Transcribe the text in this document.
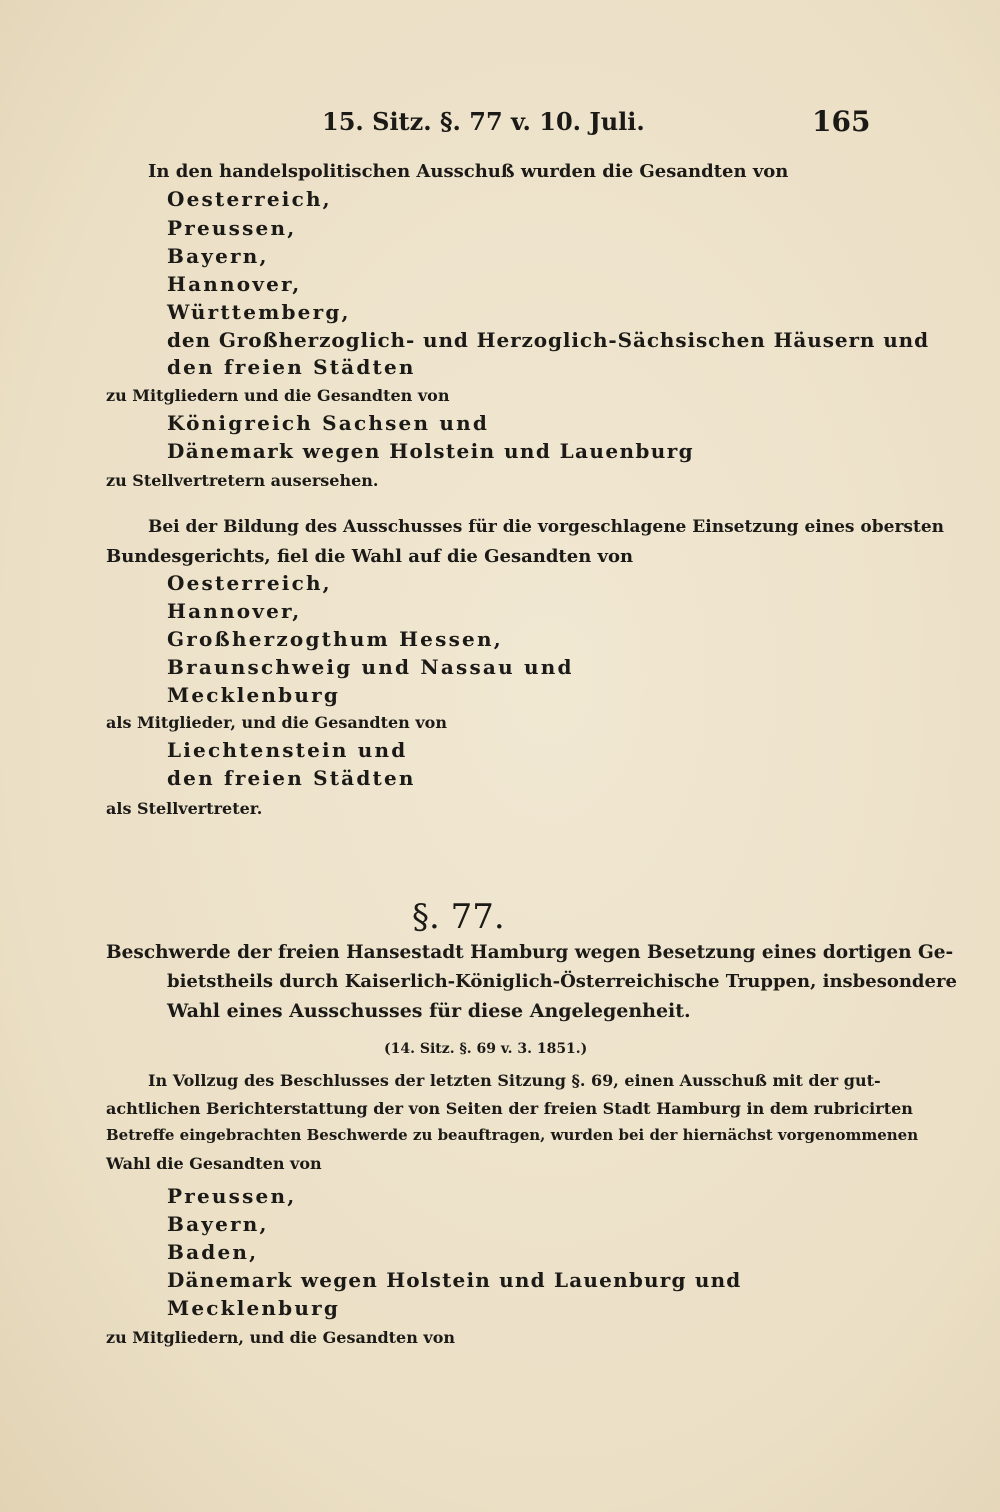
15. Sitz. §. 77 v. 10. Juli.	165
In den handelspolitischen Ausschuß wurden die Gesandten von
Oesterreich,
Preussen,
Bayern,
Hannover,
Württemberg,
den Großherzoglich- und Herzoglich-Sächsischen Häusern und
den freien Städten
zu Mitgliedern und die Gesandten von
Königreich Sachsen und
Dänemark wegen Holstein und Lauenburg
zu Stellvertretern ausersehen.
Bei der Bildung des Ausschusses für die vorgeschlagene Einsetzung eines obersten
Bundesgerichts, fiel die Wahl auf die Gesandten von
Oesterreich,
Hannover,
Großherzogthum Hessen,
Braunschweig und Nassau und
Mecklenburg
als Mitglieder, und die Gesandten von
Liechtenstein und
den freien Städten
als Stellvertreter.
§. 77.
Beschwerde der freien Hansestadt Hamburg wegen Besetzung eines dortigen Ge-
bietstheils durch Kaiserlich-Königlich-Österreichische Truppen, insbesondere
Wahl eines Ausschusses für diese Angelegenheit.
(14. Sitz. §. 69 v. 3. 1851.)
In Vollzug des Beschlusses der letzten Sitzung §. 69, einen Ausschuß mit der gut-
achtlichen Berichterstattung der von Seiten der freien Stadt Hamburg in dem rubricirten
Betreffe eingebrachten Beschwerde zu beauftragen, wurden bei der hiernächst vorgenommenen
Wahl die Gesandten von
Preussen,
Bayern,
Baden,
Dänemark wegen Holstein und Lauenburg und
Mecklenburg
zu Mitgliedern, und die Gesandten von
